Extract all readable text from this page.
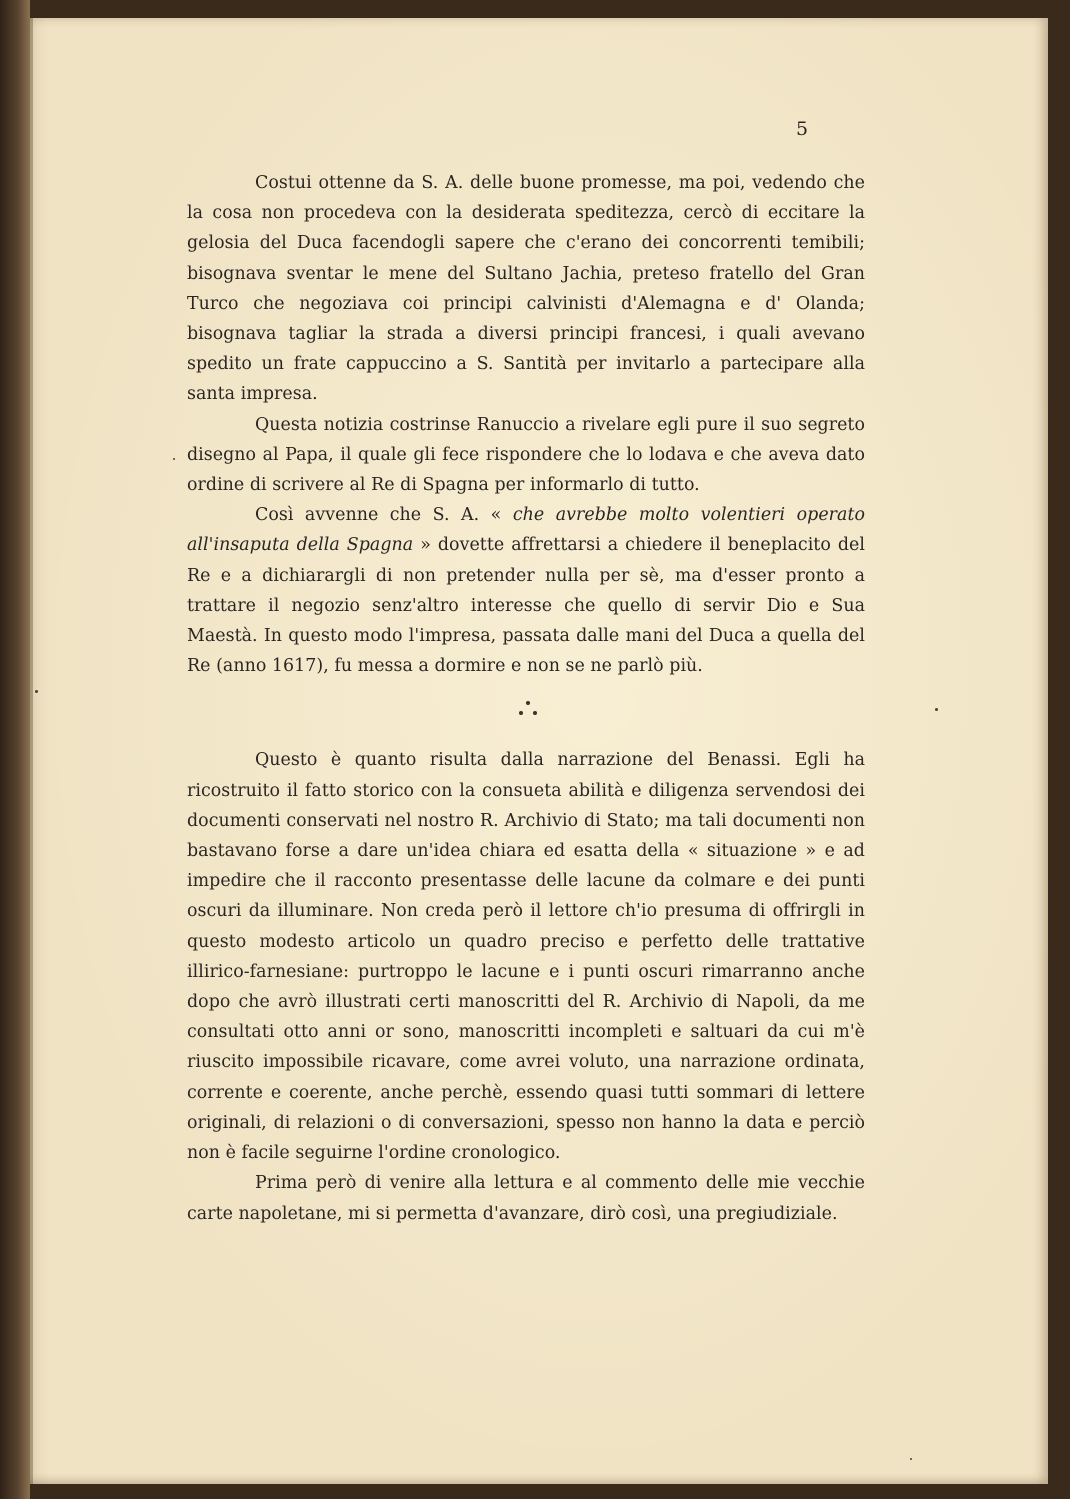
5

Costui ottenne da S. A. delle buone promesse, ma poi, vedendo che la cosa non procedeva con la desiderata speditezza, cercò di eccitare la gelosia del Duca facendogli sapere che c'erano dei concorrenti temibili; bisognava sventar le mene del Sultano Jachia, preteso fratello del Gran Turco che negoziava coi principi calvinisti d'Alemagna e d' Olanda; bisognava tagliar la strada a diversi principi francesi, i quali avevano spedito un frate cappuccino a S. Santità per invitarlo a partecipare alla santa impresa.

Questa notizia costrinse Ranuccio a rivelare egli pure il suo segreto disegno al Papa, il quale gli fece rispondere che lo lodava e che aveva dato ordine di scrivere al Re di Spagna per informarlo di tutto.

Così avvenne che S. A. « che avrebbe molto volentieri operato all'insaputa della Spagna » dovette affrettarsi a chiedere il beneplacito del Re e a dichiarargli di non pretender nulla per sè, ma d'esser pronto a trattare il negozio senz'altro interesse che quello di servir Dio e Sua Maestà. In questo modo l'impresa, passata dalle mani del Duca a quella del Re (anno 1617), fu messa a dormire e non se ne parlò più.

Questo è quanto risulta dalla narrazione del Benassi. Egli ha ricostruito il fatto storico con la consueta abilità e diligenza servendosi dei documenti conservati nel nostro R. Archivio di Stato; ma tali documenti non bastavano forse a dare un'idea chiara ed esatta della « situazione » e ad impedire che il racconto presentasse delle lacune da colmare e dei punti oscuri da illuminare. Non creda però il lettore ch'io presuma di offrirgli in questo modesto articolo un quadro preciso e perfetto delle trattative illirico-farnesiane: purtroppo le lacune e i punti oscuri rimarranno anche dopo che avrò illustrati certi manoscritti del R. Archivio di Napoli, da me consultati otto anni or sono, manoscritti incompleti e saltuari da cui m'è riuscito impossibile ricavare, come avrei voluto, una narrazione ordinata, corrente e coerente, anche perchè, essendo quasi tutti sommari di lettere originali, di relazioni o di conversazioni, spesso non hanno la data e perciò non è facile seguirne l'ordine cronologico.

Prima però di venire alla lettura e al commento delle mie vecchie carte napoletane, mi si permetta d'avanzare, dirò così, una pregiudiziale.
